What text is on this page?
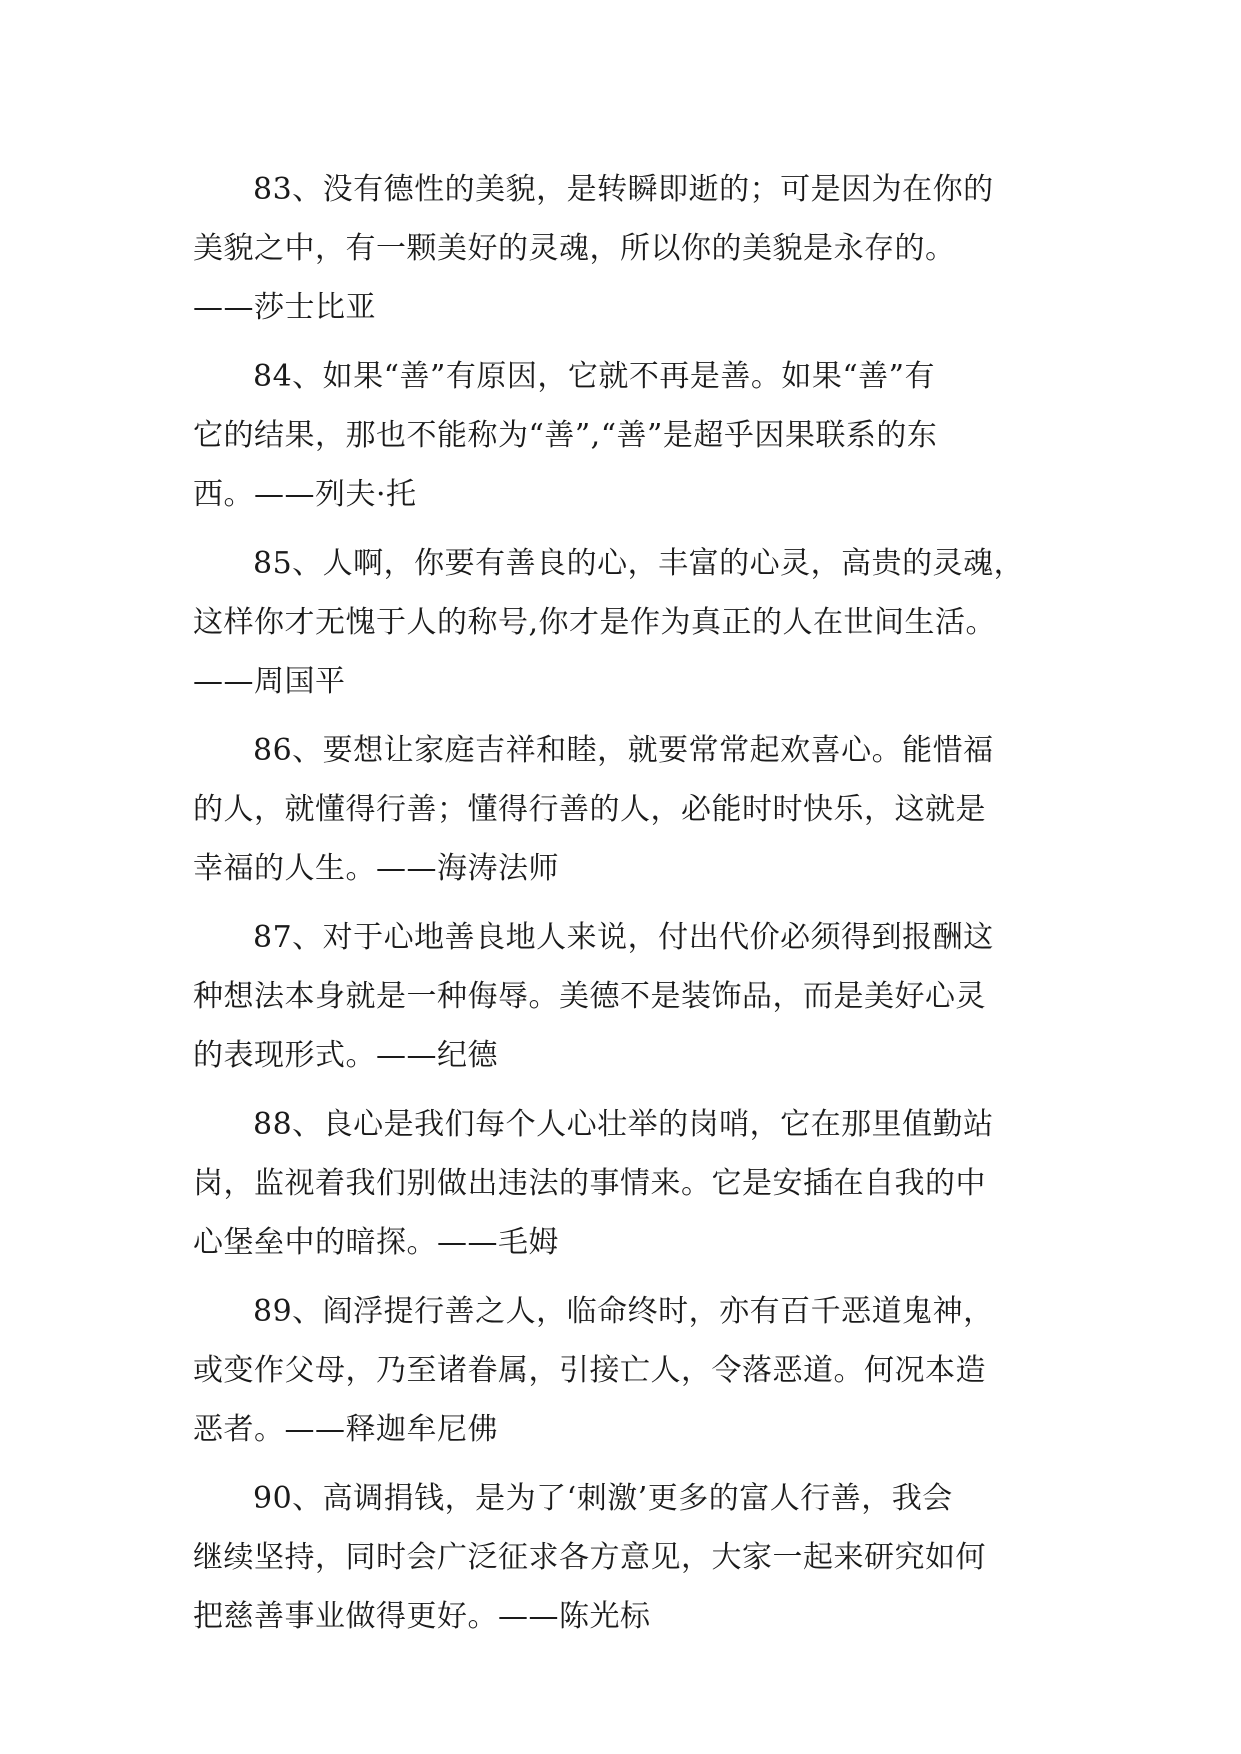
83、没有德性的美貌，是转瞬即逝的；可是因为在你的
美貌之中，有一颗美好的灵魂，所以你的美貌是永存的。
——莎士比亚
84、如果“善”有原因，它就不再是善。如果“善”有
它的结果，那也不能称为“善”,“善”是超乎因果联系的东
西。——列夫·托
85、人啊，你要有善良的心，丰富的心灵，高贵的灵魂，
这样你才无愧于人的称号,你才是作为真正的人在世间生活。
——周国平
86、要想让家庭吉祥和睦，就要常常起欢喜心。能惜福
的人，就懂得行善；懂得行善的人，必能时时快乐，这就是
幸福的人生。——海涛法师
87、对于心地善良地人来说，付出代价必须得到报酬这
种想法本身就是一种侮辱。美德不是装饰品，而是美好心灵
的表现形式。——纪德
88、良心是我们每个人心壮举的岗哨，它在那里值勤站
岗，监视着我们别做出违法的事情来。它是安插在自我的中
心堡垒中的暗探。——毛姆
89、阎浮提行善之人，临命终时，亦有百千恶道鬼神，
或变作父母，乃至诸眷属，引接亡人，令落恶道。何况本造
恶者。——释迦牟尼佛
90、高调捐钱，是为了‘刺激’更多的富人行善，我会
继续坚持，同时会广泛征求各方意见，大家一起来研究如何
把慈善事业做得更好。——陈光标
